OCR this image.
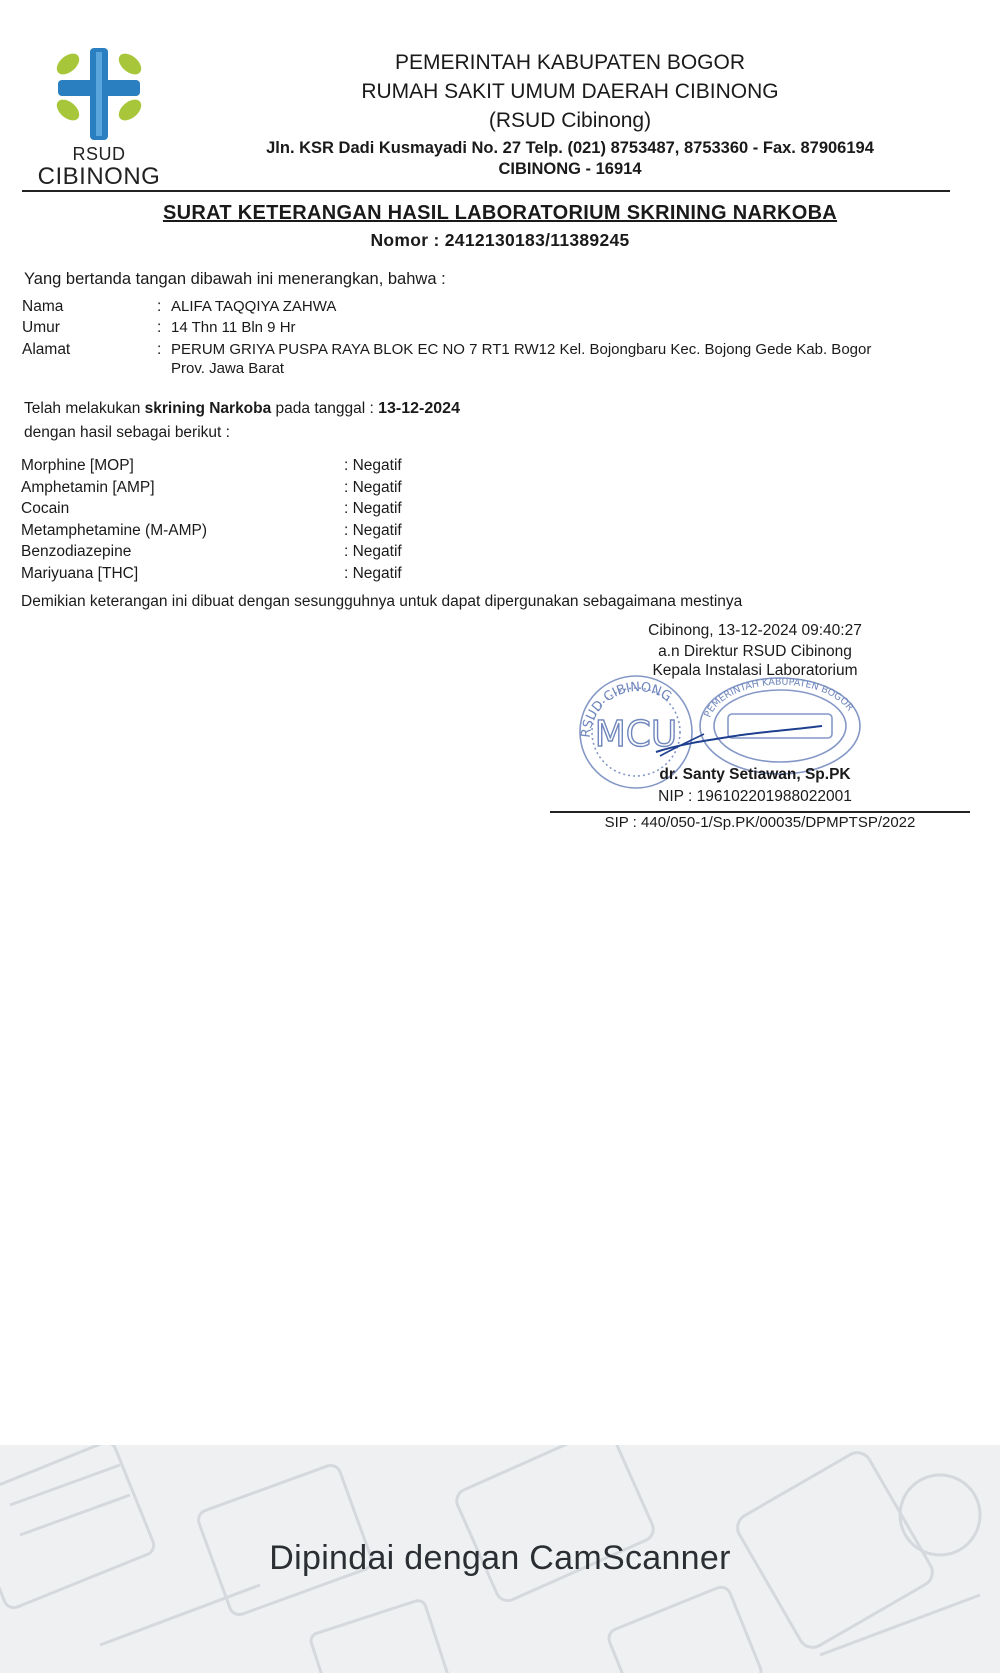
RSUD
CIBINONG
PEMERINTAH KABUPATEN BOGOR
RUMAH SAKIT UMUM DAERAH CIBINONG
(RSUD Cibinong)
Jln. KSR Dadi Kusmayadi No. 27 Telp. (021) 8753487, 8753360 - Fax. 87906194
CIBINONG - 16914
SURAT KETERANGAN HASIL LABORATORIUM SKRINING NARKOBA
Nomor : 2412130183/11389245
Yang bertanda tangan dibawah ini menerangkan, bahwa :
Nama	: ALIFA TAQQIYA ZAHWA
Umur	: 14 Thn 11 Bln 9 Hr
Alamat	: PERUM GRIYA PUSPA RAYA BLOK EC NO 7 RT1 RW12 Kel. Bojongbaru Kec. Bojong Gede Kab. Bogor
Prov. Jawa Barat
Telah melakukan skrining Narkoba pada tanggal : 13-12-2024
dengan hasil sebagai berikut :
Morphine [MOP]	: Negatif
Amphetamin [AMP]	: Negatif
Cocain	: Negatif
Metamphetamine (M-AMP)	: Negatif
Benzodiazepine	: Negatif
Mariyuana [THC]	: Negatif
Demikian keterangan ini dibuat dengan sesungguhnya untuk dapat dipergunakan sebagaimana mestinya
MCU
RSUD CIBINONG
PEMERINTAH KABUPATEN BOGOR
Cibinong, 13-12-2024 09:40:27
a.n Direktur RSUD Cibinong
Kepala Instalasi Laboratorium
dr. Santy Setiawan, Sp.PK
NIP : 196102201988022001
SIP : 440/050-1/Sp.PK/00035/DPMPTSP/2022
Dipindai dengan CamScanner
